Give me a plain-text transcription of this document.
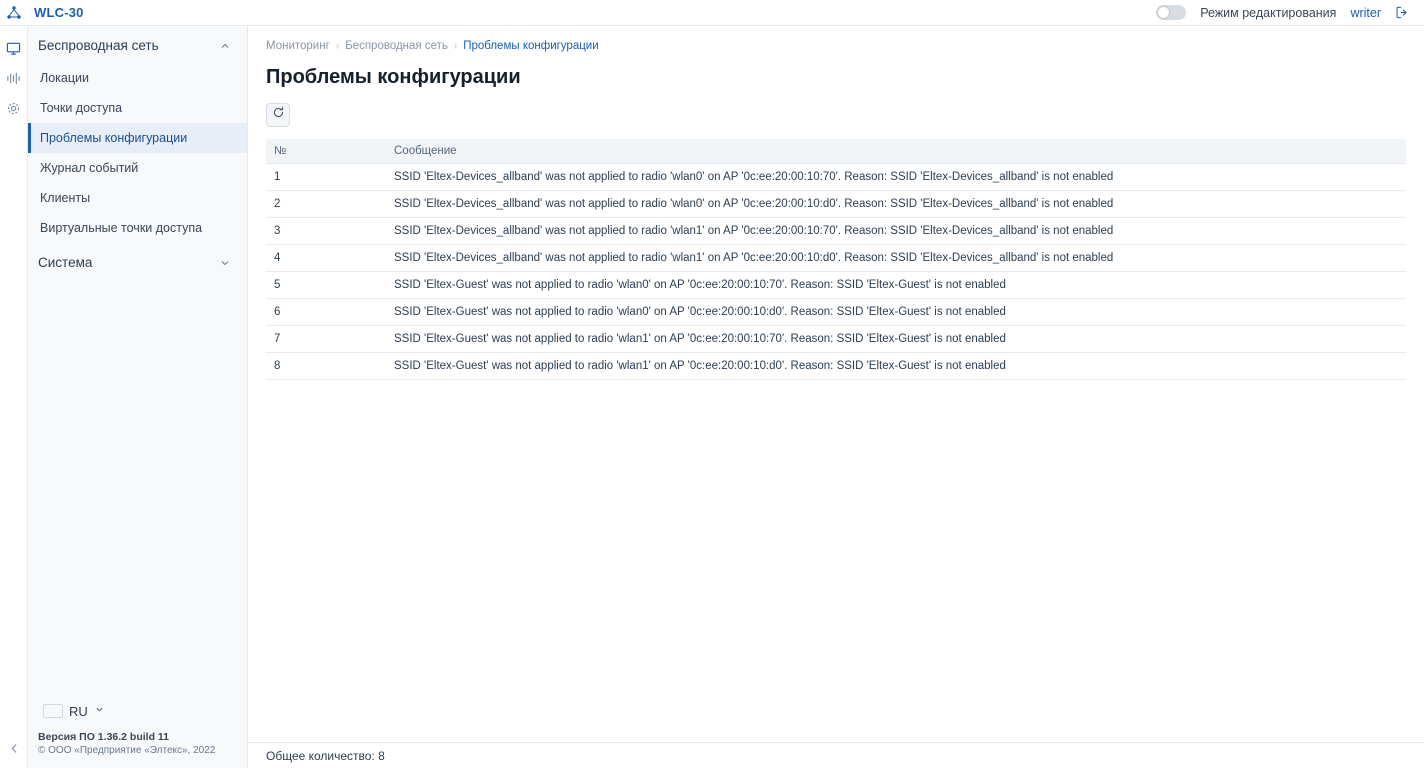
WLC-30	Режим редактирования writer
Беспроводная сеть
Локации
Точки доступа
Проблемы конфигурации
Журнал событий
Клиенты
Виртуальные точки доступа
Система
RU
Версия ПО 1.36.2 build 11
© ООО «Предприятие «Элтекс», 2022
Мониторинг › Беспроводная сеть › Проблемы конфигурации
Проблемы конфигурации
№	Сообщение
1	SSID 'Eltex-Devices_allband' was not applied to radio 'wlan0' on AP '0c:ee:20:00:10:70'. Reason: SSID 'Eltex-Devices_allband' is not enabled
2	SSID 'Eltex-Devices_allband' was not applied to radio 'wlan0' on AP '0c:ee:20:00:10:d0'. Reason: SSID 'Eltex-Devices_allband' is not enabled
3	SSID 'Eltex-Devices_allband' was not applied to radio 'wlan1' on AP '0c:ee:20:00:10:70'. Reason: SSID 'Eltex-Devices_allband' is not enabled
4	SSID 'Eltex-Devices_allband' was not applied to radio 'wlan1' on AP '0c:ee:20:00:10:d0'. Reason: SSID 'Eltex-Devices_allband' is not enabled
5	SSID 'Eltex-Guest' was not applied to radio 'wlan0' on AP '0c:ee:20:00:10:70'. Reason: SSID 'Eltex-Guest' is not enabled
6	SSID 'Eltex-Guest' was not applied to radio 'wlan0' on AP '0c:ee:20:00:10:d0'. Reason: SSID 'Eltex-Guest' is not enabled
7	SSID 'Eltex-Guest' was not applied to radio 'wlan1' on AP '0c:ee:20:00:10:70'. Reason: SSID 'Eltex-Guest' is not enabled
8	SSID 'Eltex-Guest' was not applied to radio 'wlan1' on AP '0c:ee:20:00:10:d0'. Reason: SSID 'Eltex-Guest' is not enabled
Общее количество: 8
